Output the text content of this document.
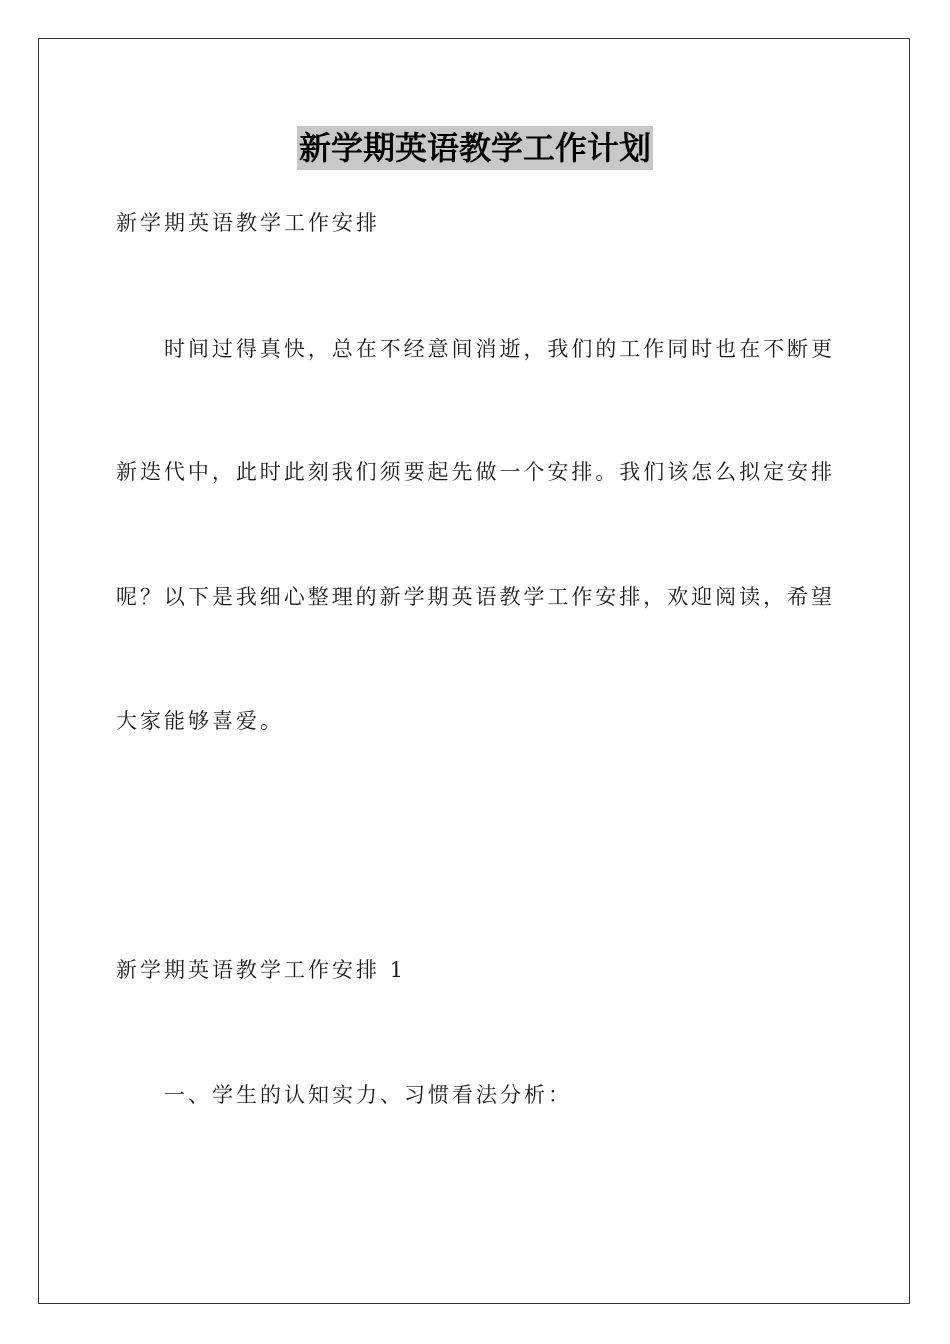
新学期英语教学工作计划
新学期英语教学工作安排
时间过得真快，总在不经意间消逝，我们的工作同时也在不断更
新迭代中，此时此刻我们须要起先做一个安排。我们该怎么拟定安排
呢？以下是我细心整理的新学期英语教学工作安排，欢迎阅读，希望
大家能够喜爱。
新学期英语教学工作安排 1
一、学生的认知实力、习惯看法分析：
